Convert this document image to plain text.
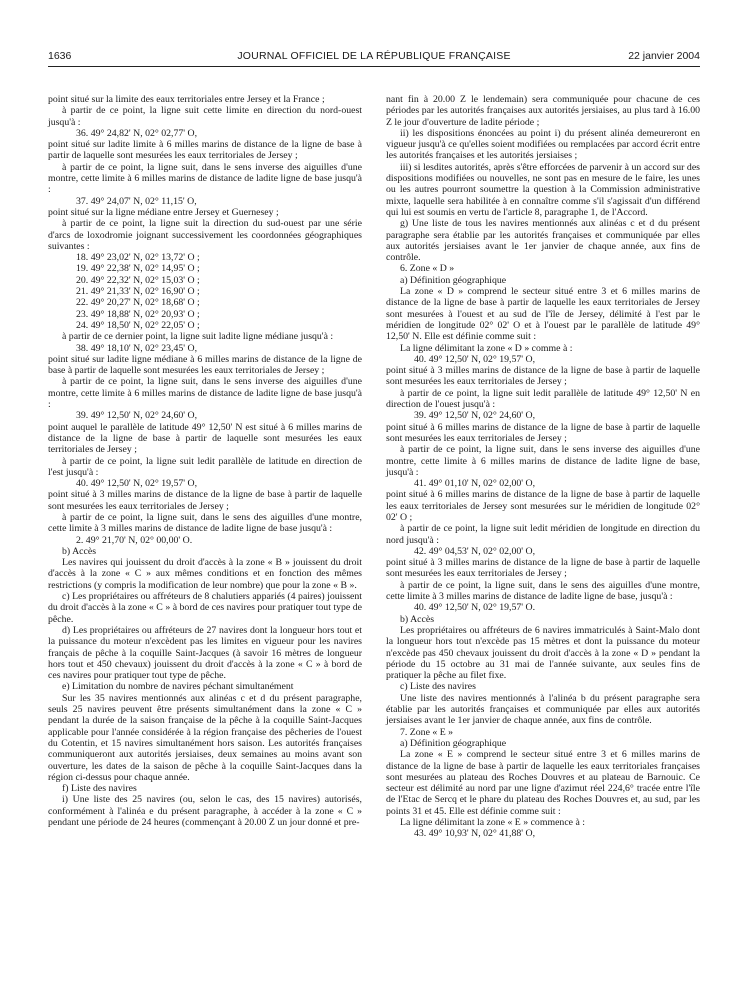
1636	JOURNAL OFFICIEL DE LA RÉPUBLIQUE FRANÇAISE	22 janvier 2004

point situé sur la limite des eaux territoriales entre Jersey et la France ;

à partir de ce point, la ligne suit cette limite en direction du nord-ouest jusqu'à :

36. 49° 24,82' N, 02° 02,77' O,

point situé sur ladite limite à 6 milles marins de distance de la ligne de base à partir de laquelle sont mesurées les eaux territoriales de Jersey ;

à partir de ce point, la ligne suit, dans le sens inverse des aiguilles d'une montre, cette limite à 6 milles marins de distance de ladite ligne de base jusqu'à :

37. 49° 24,07' N, 02° 11,15' O,

point situé sur la ligne médiane entre Jersey et Guernesey ;

à partir de ce point, la ligne suit la direction du sud-ouest par une série d'arcs de loxodromie joignant successivement les coordonnées géographiques suivantes :

18. 49° 23,02' N, 02° 13,72' O ;

19. 49° 22,38' N, 02° 14,95' O ;

20. 49° 22,32' N, 02° 15,03' O ;

21. 49° 21,33' N, 02° 16,90' O ;

22. 49° 20,27' N, 02° 18,68' O ;

23. 49° 18,88' N, 02° 20,93' O ;

24. 49° 18,50' N, 02° 22,05' O ;

à partir de ce dernier point, la ligne suit ladite ligne médiane jusqu'à :

38. 49° 18,10' N, 02° 23,45' O,

point situé sur ladite ligne médiane à 6 milles marins de distance de la ligne de base à partir de laquelle sont mesurées les eaux territoriales de Jersey ;

à partir de ce point, la ligne suit, dans le sens inverse des aiguilles d'une montre, cette limite à 6 milles marins de distance de ladite ligne de base jusqu'à :

39. 49° 12,50' N, 02° 24,60' O,

point auquel le parallèle de latitude 49° 12,50' N est situé à 6 milles marins de distance de la ligne de base à partir de laquelle sont mesurées les eaux territoriales de Jersey ;

à partir de ce point, la ligne suit ledit parallèle de latitude en direction de l'est jusqu'à :

40. 49° 12,50' N, 02° 19,57' O,

point situé à 3 milles marins de distance de la ligne de base à partir de laquelle sont mesurées les eaux territoriales de Jersey ;

à partir de ce point, la ligne suit, dans le sens des aiguilles d'une montre, cette limite à 3 milles marins de distance de ladite ligne de base jusqu'à :

2. 49° 21,70' N, 02° 00,00' O.

b) Accès

Les navires qui jouissent du droit d'accès à la zone « B » jouissent du droit d'accès à la zone « C » aux mêmes conditions et en fonction des mêmes restrictions (y compris la modification de leur nombre) que pour la zone « B ».

c) Les propriétaires ou affréteurs de 8 chalutiers appariés (4 paires) jouissent du droit d'accès à la zone « C » à bord de ces navires pour pratiquer tout type de pêche.

d) Les propriétaires ou affréteurs de 27 navires dont la longueur hors tout et la puissance du moteur n'excèdent pas les limites en vigueur pour les navires français de pêche à la coquille Saint-Jacques (à savoir 16 mètres de longueur hors tout et 450 chevaux) jouissent du droit d'accès à la zone « C » à bord de ces navires pour pratiquer tout type de pêche.

e) Limitation du nombre de navires péchant simultanément

Sur les 35 navires mentionnés aux alinéas c et d du présent paragraphe, seuls 25 navires peuvent être présents simultanément dans la zone « C » pendant la durée de la saison française de la pêche à la coquille Saint-Jacques applicable pour l'année considérée à la région française des pêcheries de l'ouest du Cotentin, et 15 navires simultanément hors saison. Les autorités françaises communiqueront aux autorités jersiaises, deux semaines au moins avant son ouverture, les dates de la saison de pêche à la coquille Saint-Jacques dans la région ci-dessus pour chaque année.

f) Liste des navires

i) Une liste des 25 navires (ou, selon le cas, des 15 navires) autorisés, conformément à l'alinéa e du présent paragraphe, à accéder à la zone « C » pendant une période de 24 heures (commençant à 20.00 Z un jour donné et pre-

nant fin à 20.00 Z le lendemain) sera communiquée pour chacune de ces périodes par les autorités françaises aux autorités jersiaises, au plus tard à 16.00 Z le jour d'ouverture de ladite période ;

ii) les dispositions énoncées au point i) du présent alinéa demeureront en vigueur jusqu'à ce qu'elles soient modifiées ou remplacées par accord écrit entre les autorités françaises et les autorités jersiaises ;

iii) si lesdites autorités, après s'être efforcées de parvenir à un accord sur des dispositions modifiées ou nouvelles, ne sont pas en mesure de le faire, les unes ou les autres pourront soumettre la question à la Commission administrative mixte, laquelle sera habilitée à en connaître comme s'il s'agissait d'un différend qui lui est soumis en vertu de l'article 8, paragraphe 1, de l'Accord.

g) Une liste de tous les navires mentionnés aux alinéas c et d du présent paragraphe sera établie par les autorités françaises et communiquée par elles aux autorités jersiaises avant le 1er janvier de chaque année, aux fins de contrôle.

6. Zone « D »

a) Définition géographique

La zone « D » comprend le secteur situé entre 3 et 6 milles marins de distance de la ligne de base à partir de laquelle les eaux territoriales de Jersey sont mesurées à l'ouest et au sud de l'île de Jersey, délimité à l'est par le méridien de longitude 02° 02' O et à l'ouest par le parallèle de latitude 49° 12,50' N. Elle est définie comme suit :

La ligne délimitant la zone « D » comme à :

40. 49° 12,50' N, 02° 19,57' O,

point situé à 3 milles marins de distance de la ligne de base à partir de laquelle sont mesurées les eaux territoriales de Jersey ;

à partir de ce point, la ligne suit ledit parallèle de latitude 49° 12,50' N en direction de l'ouest jusqu'à :

39. 49° 12,50' N, 02° 24,60' O,

point situé à 6 milles marins de distance de la ligne de base à partir de laquelle sont mesurées les eaux territoriales de Jersey ;

à partir de ce point, la ligne suit, dans le sens inverse des aiguilles d'une montre, cette limite à 6 milles marins de distance de ladite ligne de base, jusqu'à :

41. 49° 01,10' N, 02° 02,00' O,

point situé à 6 milles marins de distance de la ligne de base à partir de laquelle les eaux territoriales de Jersey sont mesurées sur le méridien de longitude 02° 02' O ;

à partir de ce point, la ligne suit ledit méridien de longitude en direction du nord jusqu'à :

42. 49° 04,53' N, 02° 02,00' O,

point situé à 3 milles marins de distance de la ligne de base à partir de laquelle sont mesurées les eaux territoriales de Jersey ;

à partir de ce point, la ligne suit, dans le sens des aiguilles d'une montre, cette limite à 3 milles marins de distance de ladite ligne de base, jusqu'à :

40. 49° 12,50' N, 02° 19,57' O.

b) Accès

Les propriétaires ou affréteurs de 6 navires immatriculés à Saint-Malo dont la longueur hors tout n'excède pas 15 mètres et dont la puissance du moteur n'excède pas 450 chevaux jouissent du droit d'accès à la zone « D » pendant la période du 15 octobre au 31 mai de l'année suivante, aux seules fins de pratiquer la pêche au filet fixe.

c) Liste des navires

Une liste des navires mentionnés à l'alinéa b du présent paragraphe sera établie par les autorités françaises et communiquée par elles aux autorités jersiaises avant le 1er janvier de chaque année, aux fins de contrôle.

7. Zone « E »

a) Définition géographique

La zone « E » comprend le secteur situé entre 3 et 6 milles marins de distance de la ligne de base à partir de laquelle les eaux territoriales françaises sont mesurées au plateau des Roches Douvres et au plateau de Barnouic. Ce secteur est délimité au nord par une ligne d'azimut réel 224,6° tracée entre l'île de l'Etac de Sercq et le phare du plateau des Roches Douvres et, au sud, par les points 31 et 45. Elle est définie comme suit :

La ligne délimitant la zone « E » commence à :

43. 49° 10,93' N, 02° 41,88' O,
